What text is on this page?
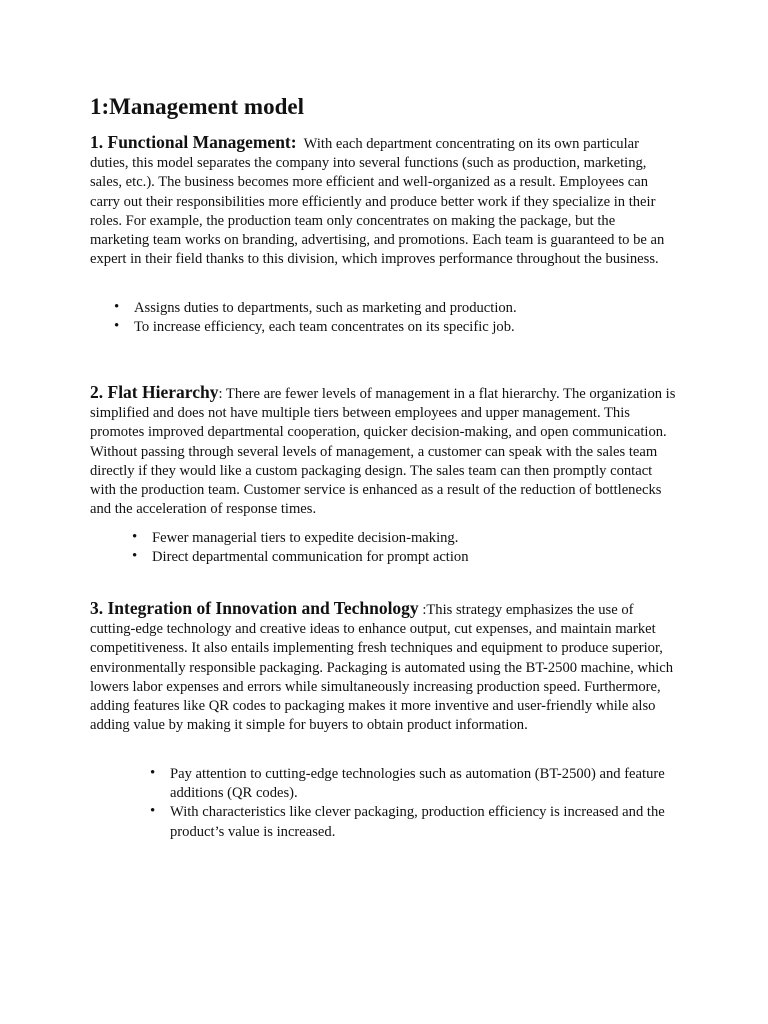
1:Management model

1. Functional Management: With each department concentrating on its own particular duties, this model separates the company into several functions (such as production, marketing, sales, etc.). The business becomes more efficient and well-organized as a result. Employees can carry out their responsibilities more efficiently and produce better work if they specialize in their roles. For example, the production team only concentrates on making the package, but the marketing team works on branding, advertising, and promotions. Each team is guaranteed to be an expert in their field thanks to this division, which improves performance throughout the business.

• Assigns duties to departments, such as marketing and production.
• To increase efficiency, each team concentrates on its specific job.

2. Flat Hierarchy: There are fewer levels of management in a flat hierarchy. The organization is simplified and does not have multiple tiers between employees and upper management. This promotes improved departmental cooperation, quicker decision-making, and open communication. Without passing through several levels of management, a customer can speak with the sales team directly if they would like a custom packaging design. The sales team can then promptly contact with the production team. Customer service is enhanced as a result of the reduction of bottlenecks and the acceleration of response times.

• Fewer managerial tiers to expedite decision-making.
• Direct departmental communication for prompt action

3. Integration of Innovation and Technology :This strategy emphasizes the use of cutting-edge technology and creative ideas to enhance output, cut expenses, and maintain market competitiveness. It also entails implementing fresh techniques and equipment to produce superior, environmentally responsible packaging. Packaging is automated using the BT-2500 machine, which lowers labor expenses and errors while simultaneously increasing production speed. Furthermore, adding features like QR codes to packaging makes it more inventive and user-friendly while also adding value by making it simple for buyers to obtain product information.

• Pay attention to cutting-edge technologies such as automation (BT-2500) and feature additions (QR codes).
• With characteristics like clever packaging, production efficiency is increased and the product’s value is increased.
